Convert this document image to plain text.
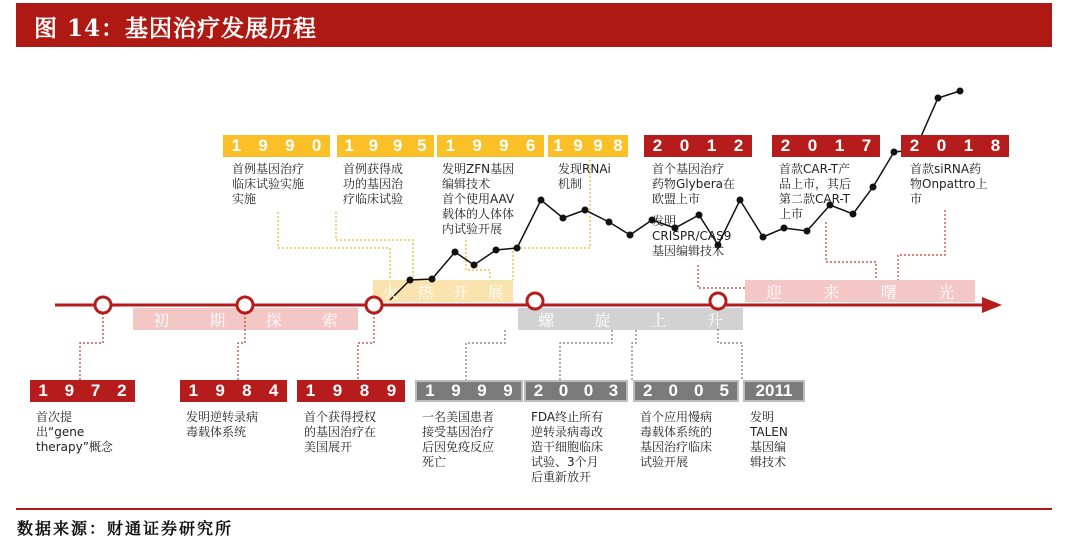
图 14：基因治疗发展历程
初	期	探	索
火 热 开 展
螺	旋	上	升
迎	来	曙	光
1 9 9 0
首例基因治疗
临床试验实施
实施
1 9 9 5
首例获得成
功的基因治
疗临床试验
1 9 9 6
发明ZFN基因
编辑技术
首个使用AAV
载体的人体体
内试验开展
1 9 9 8
发现RNAi
机制
2 0 1 2
首个基因治疗
药物Glybera在
欧盟上市
发明
CRISPR/CAS9
基因编辑技术
2 0 1 7
首款CAR-T产
品上市，其后
第二款CAR-T
上市
2 0 1 8
首款siRNA药
物Onpattro上
市
1 9 7 2
首次提
出“gene
therapy”概念
1 9 8 4
发明逆转录病
毒载体系统
1 9 8 9
首个获得授权
的基因治疗在
美国展开
1 9 9 9
一名美国患者
接受基因治疗
后因免疫反应
死亡
2 0 0 3
FDA终止所有
逆转录病毒改
造干细胞临床
试验、3个月
后重新放开
2 0 0 5
首个应用慢病
毒载体系统的
基因治疗临床
试验开展
2011
发明
TALEN
基因编
辑技术
数据来源：财通证券研究所
